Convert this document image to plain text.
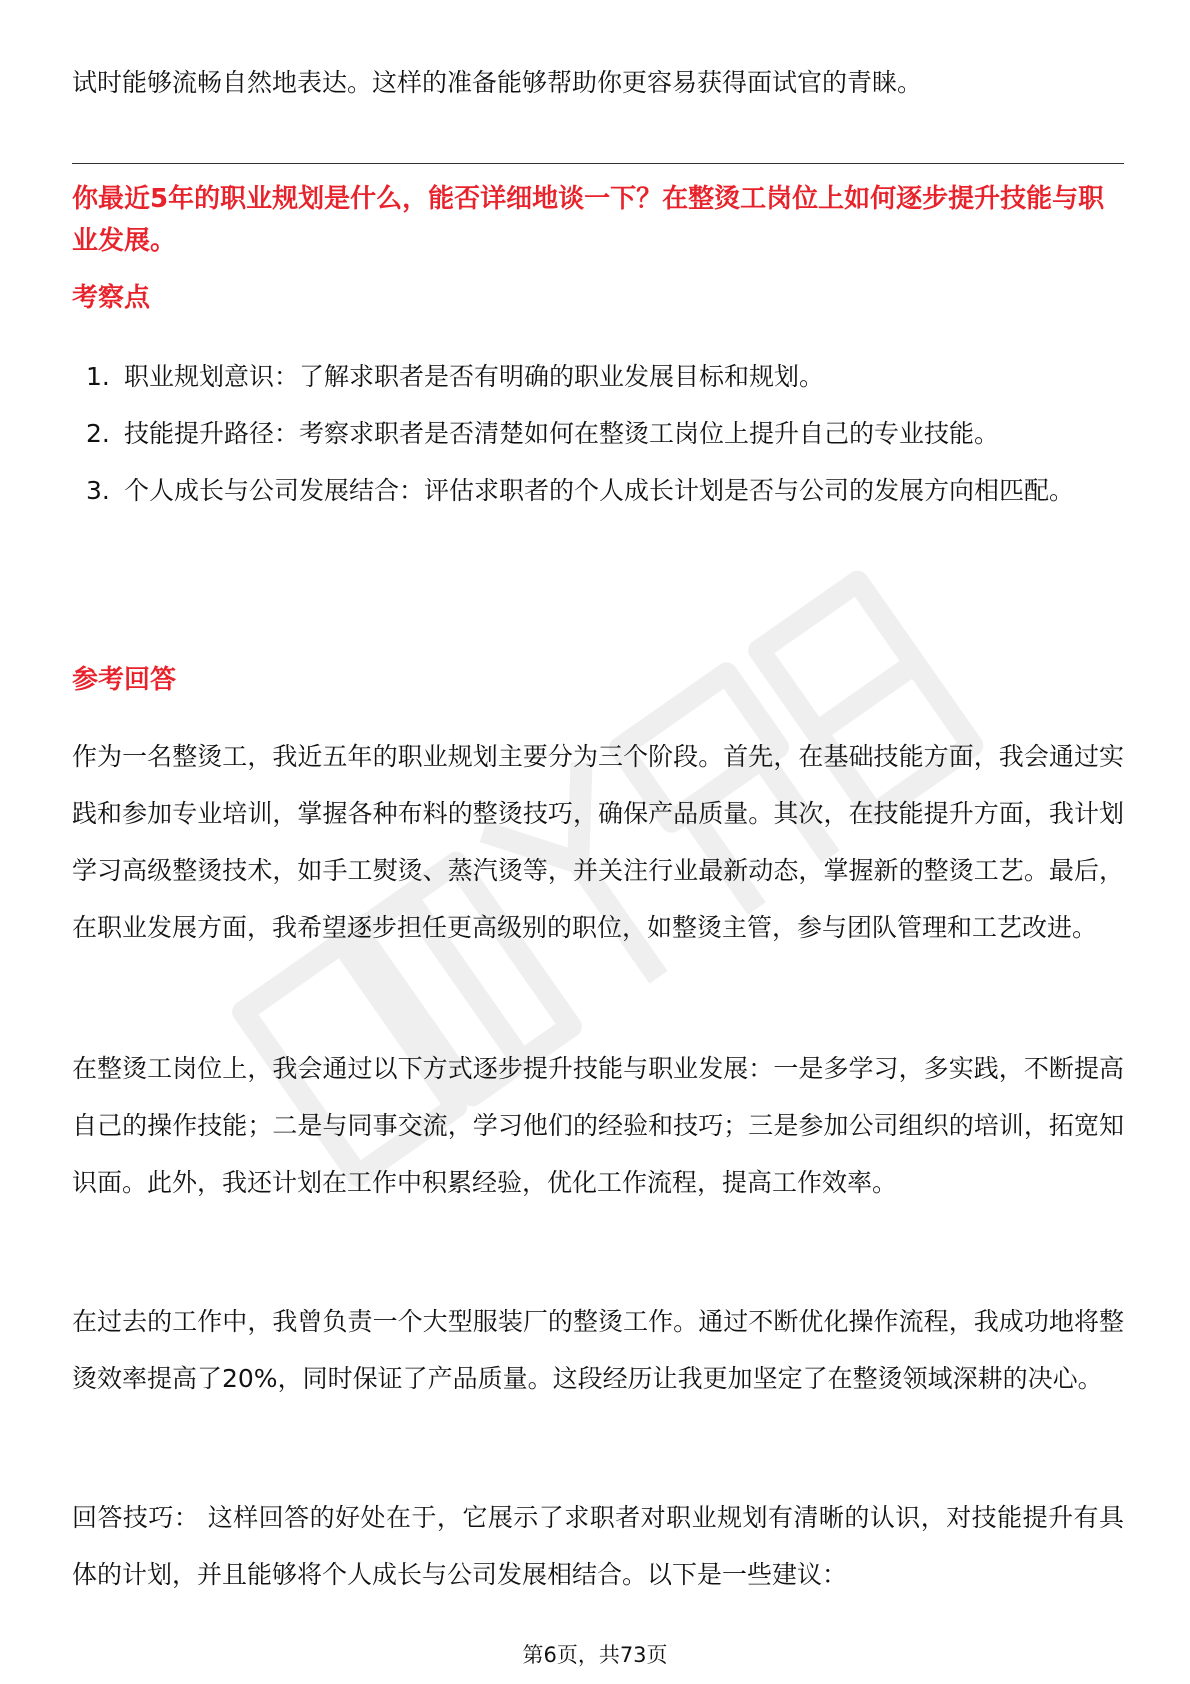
试时能够流畅自然地表达。这样的准备能够帮助你更容易获得面试官的青睐。

你最近5年的职业规划是什么，能否详细地谈一下？在整烫工岗位上如何逐步提升技能与职业发展。

考察点

1. 职业规划意识：了解求职者是否有明确的职业发展目标和规划。
2. 技能提升路径：考察求职者是否清楚如何在整烫工岗位上提升自己的专业技能。
3. 个人成长与公司发展结合：评估求职者的个人成长计划是否与公司的发展方向相匹配。

参考回答

作为一名整烫工，我近五年的职业规划主要分为三个阶段。首先，在基础技能方面，我会通过实践和参加专业培训，掌握各种布料的整烫技巧，确保产品质量。其次，在技能提升方面，我计划学习高级整烫技术，如手工熨烫、蒸汽烫等，并关注行业最新动态，掌握新的整烫工艺。最后，在职业发展方面，我希望逐步担任更高级别的职位，如整烫主管，参与团队管理和工艺改进。

在整烫工岗位上，我会通过以下方式逐步提升技能与职业发展：一是多学习，多实践，不断提高自己的操作技能；二是与同事交流，学习他们的经验和技巧；三是参加公司组织的培训，拓宽知识面。此外，我还计划在工作中积累经验，优化工作流程，提高工作效率。

在过去的工作中，我曾负责一个大型服装厂的整烫工作。通过不断优化操作流程，我成功地将整烫效率提高了20%，同时保证了产品质量。这段经历让我更加坚定了在整烫领域深耕的决心。

回答技巧： 这样回答的好处在于，它展示了求职者对职业规划有清晰的认识，对技能提升有具体的计划，并且能够将个人成长与公司发展相结合。以下是一些建议：

第6页，共73页
